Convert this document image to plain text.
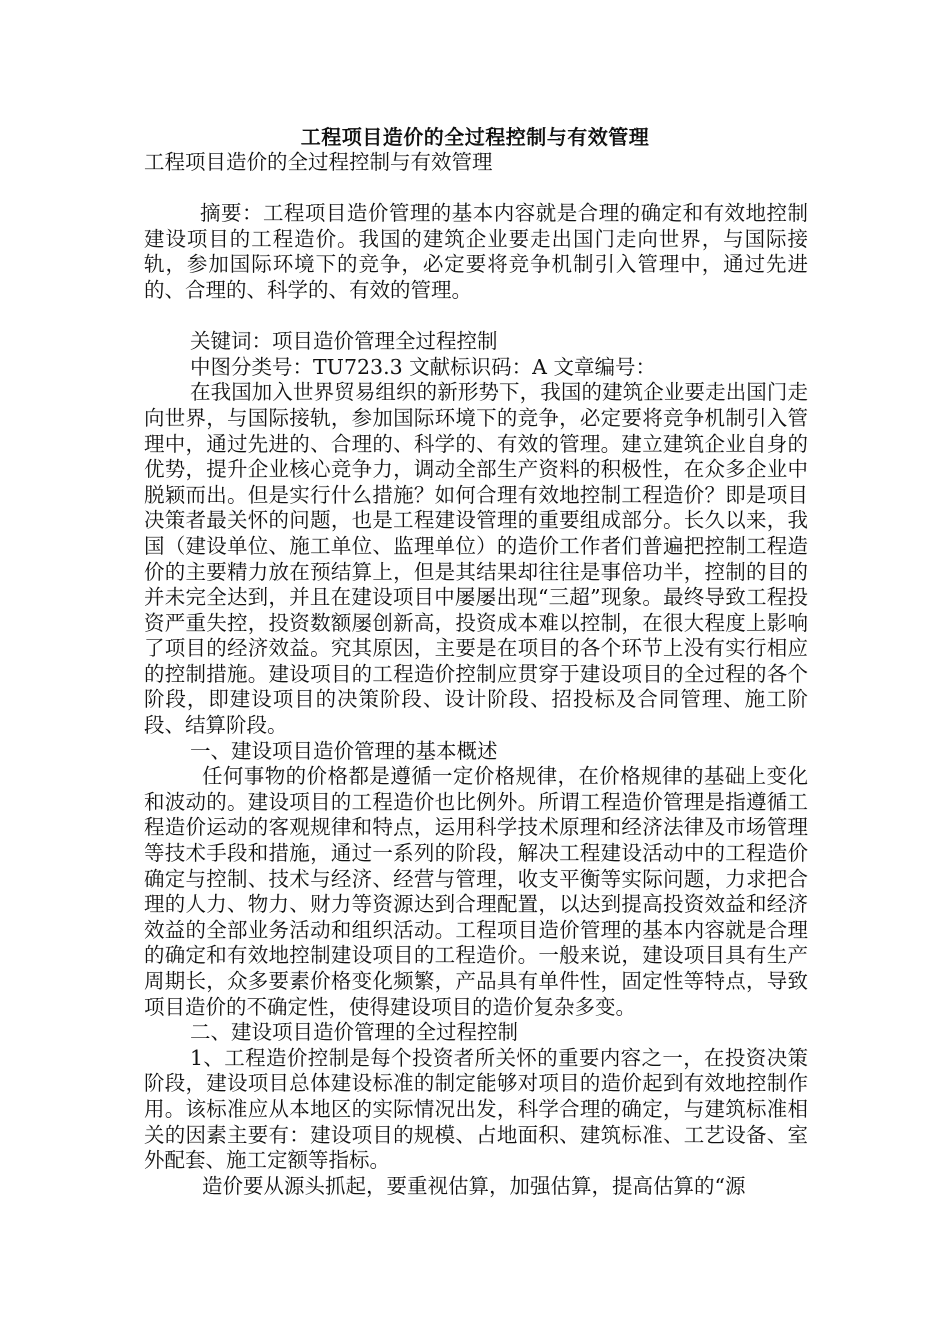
工程项目造价的全过程控制与有效管理

工程项目造价的全过程控制与有效管理

摘要：工程项目造价管理的基本内容就是合理的确定和有效地控制建设项目的工程造价。我国的建筑企业要走出国门走向世界，与国际接轨，参加国际环境下的竞争，必定要将竞争机制引入管理中，通过先进的、合理的、科学的、有效的管理。

关键词：项目造价管理全过程控制

中图分类号：TU723.3 文献标识码：A 文章编号：

在我国加入世界贸易组织的新形势下，我国的建筑企业要走出国门走向世界，与国际接轨，参加国际环境下的竞争，必定要将竞争机制引入管理中，通过先进的、合理的、科学的、有效的管理。建立建筑企业自身的优势，提升企业核心竞争力，调动全部生产资料的积极性，在众多企业中脱颖而出。但是实行什么措施？如何合理有效地控制工程造价？即是项目决策者最关怀的问题，也是工程建设管理的重要组成部分。长久以来，我国（建设单位、施工单位、监理单位）的造价工作者们普遍把控制工程造价的主要精力放在预结算上，但是其结果却往往是事倍功半，控制的目的并未完全达到，并且在建设项目中屡屡出现“三超”现象。最终导致工程投资严重失控，投资数额屡创新高，投资成本难以控制，在很大程度上影响了项目的经济效益。究其原因，主要是在项目的各个环节上没有实行相应的控制措施。建设项目的工程造价控制应贯穿于建设项目的全过程的各个阶段，即建设项目的决策阶段、设计阶段、招投标及合同管理、施工阶段、结算阶段。

一、建设项目造价管理的基本概述

任何事物的价格都是遵循一定价格规律，在价格规律的基础上变化和波动的。建设项目的工程造价也比例外。所谓工程造价管理是指遵循工程造价运动的客观规律和特点，运用科学技术原理和经济法律及市场管理等技术手段和措施，通过一系列的阶段，解决工程建设活动中的工程造价确定与控制、技术与经济、经营与管理，收支平衡等实际问题，力求把合理的人力、物力、财力等资源达到合理配置，以达到提高投资效益和经济效益的全部业务活动和组织活动。工程项目造价管理的基本内容就是合理的确定和有效地控制建设项目的工程造价。一般来说，建设项目具有生产周期长，众多要素价格变化频繁，产品具有单件性，固定性等特点，导致项目造价的不确定性，使得建设项目的造价复杂多变。

二、建设项目造价管理的全过程控制

1、工程造价控制是每个投资者所关怀的重要内容之一，在投资决策阶段，建设项目总体建设标准的制定能够对项目的造价起到有效地控制作用。该标准应从本地区的实际情况出发，科学合理的确定，与建筑标准相关的因素主要有：建设项目的规模、占地面积、建筑标准、工艺设备、室外配套、施工定额等指标。

造价要从源头抓起，要重视估算，加强估算，提高估算的“源
